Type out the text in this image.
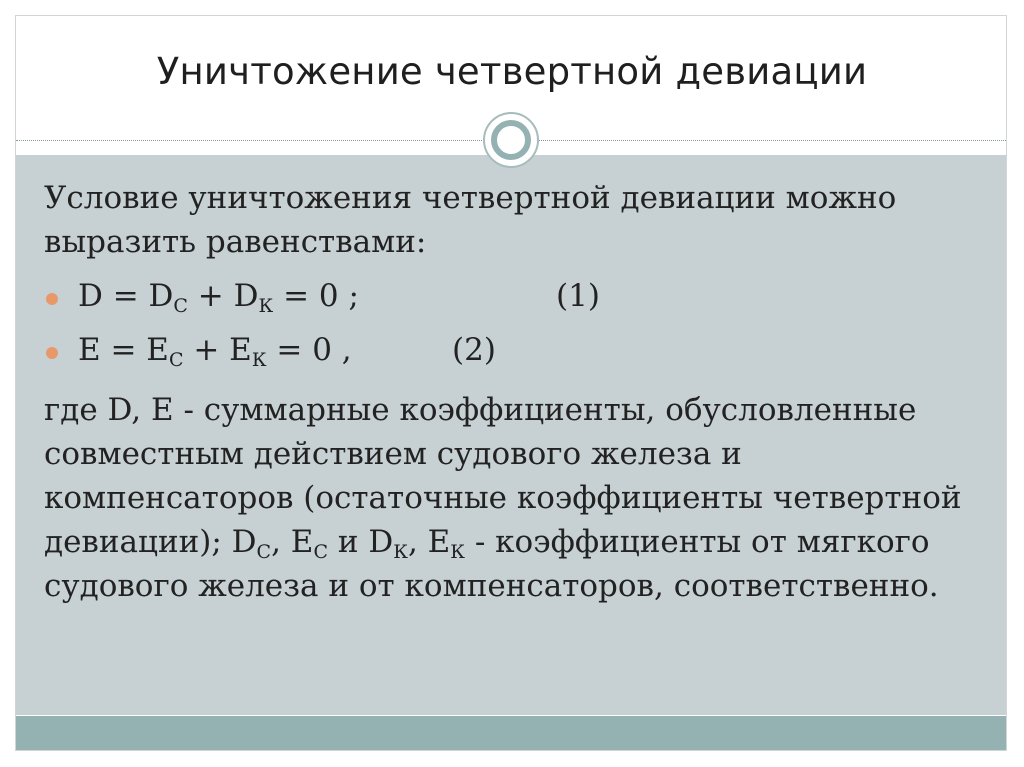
Уничтожение четвертной девиации

Условие уничтожения четвертной девиации можно выразить равенствами:

$D = D_C + D_К = 0$ ;	(1)
$E = E_C + E_К = 0$ ,	(2)

где D, E - суммарные коэффициенты, обусловленные совместным действием судового железа и компенсаторов (остаточные коэффициенты четвертной девиации); $D_C$, $E_C$ и $D_К$, $E_К$ - коэффициенты от мягкого судового железа и от компенсаторов, соответственно.
